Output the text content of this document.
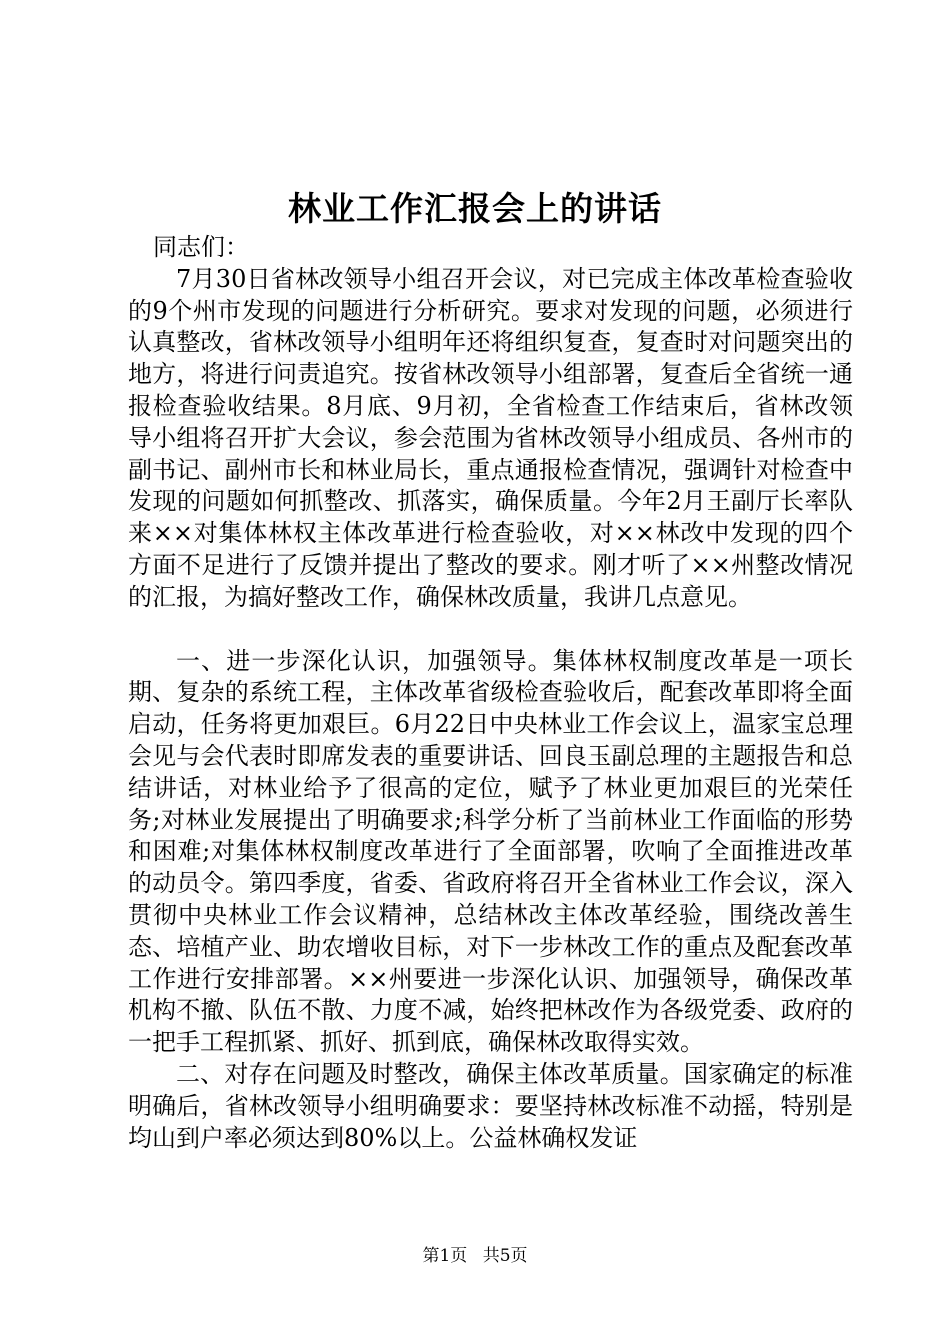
林业工作汇报会上的讲话

同志们：

7月30日省林改领导小组召开会议，对已完成主体改革检查验收的9个州市发现的问题进行分析研究。要求对发现的问题，必须进行认真整改，省林改领导小组明年还将组织复查，复查时对问题突出的地方，将进行问责追究。按省林改领导小组部署，复查后全省统一通报检查验收结果。8月底、9月初，全省检查工作结束后，省林改领导小组将召开扩大会议，参会范围为省林改领导小组成员、各州市的副书记、副州市长和林业局长，重点通报检查情况，强调针对检查中发现的问题如何抓整改、抓落实，确保质量。今年2月王副厅长率队来××对集体林权主体改革进行检查验收，对××林改中发现的四个方面不足进行了反馈并提出了整改的要求。刚才听了××州整改情况的汇报，为搞好整改工作，确保林改质量，我讲几点意见。

一、进一步深化认识，加强领导。集体林权制度改革是一项长期、复杂的系统工程，主体改革省级检查验收后，配套改革即将全面启动，任务将更加艰巨。6月22日中央林业工作会议上，温家宝总理会见与会代表时即席发表的重要讲话、回良玉副总理的主题报告和总结讲话，对林业给予了很高的定位，赋予了林业更加艰巨的光荣任务;对林业发展提出了明确要求;科学分析了当前林业工作面临的形势和困难;对集体林权制度改革进行了全面部署，吹响了全面推进改革的动员令。第四季度，省委、省政府将召开全省林业工作会议，深入贯彻中央林业工作会议精神，总结林改主体改革经验，围绕改善生态、培植产业、助农增收目标，对下一步林改工作的重点及配套改革工作进行安排部署。××州要进一步深化认识、加强领导，确保改革机构不撤、队伍不散、力度不减，始终把林改作为各级党委、政府的一把手工程抓紧、抓好、抓到底，确保林改取得实效。

二、对存在问题及时整改，确保主体改革质量。国家确定的标准明确后，省林改领导小组明确要求：要坚持林改标准不动摇，特别是均山到户率必须达到80%以上。公益林确权发证

第1页 共5页
